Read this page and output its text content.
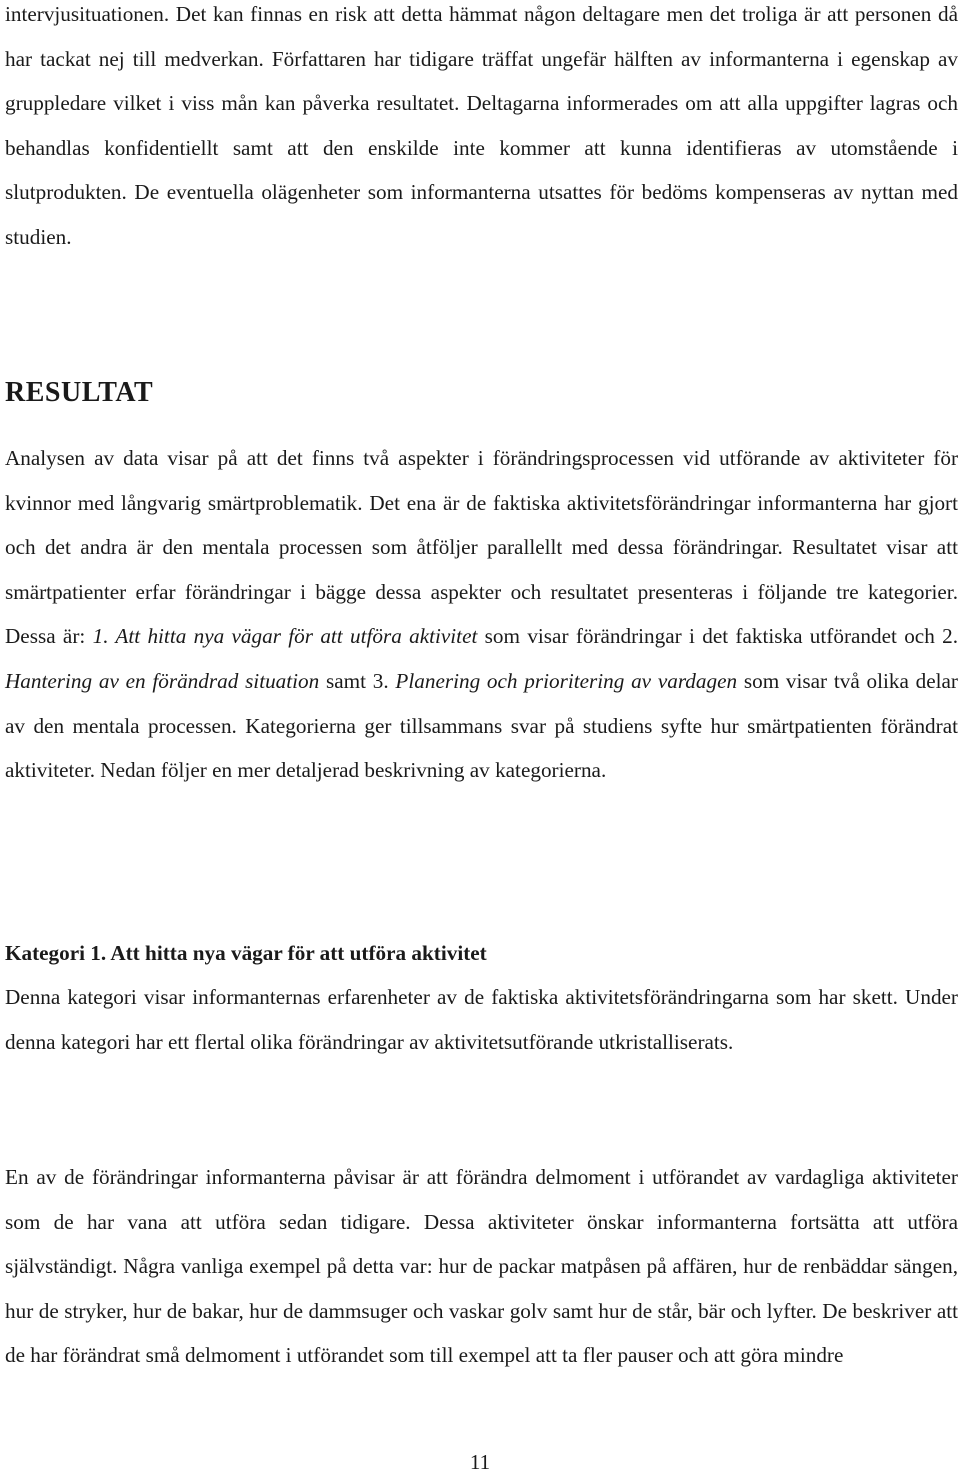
intervjusituationen. Det kan finnas en risk att detta hämmat någon deltagare men det troliga är att personen då har tackat nej till medverkan. Författaren har tidigare träffat ungefär hälften av informanterna i egenskap av gruppledare vilket i viss mån kan påverka resultatet. Deltagarna informerades om att alla uppgifter lagras och behandlas konfidentiellt samt att den enskilde inte kommer att kunna identifieras av utomstående i slutprodukten. De eventuella olägenheter som informanterna utsattes för bedöms kompenseras av nyttan med studien.

RESULTAT

Analysen av data visar på att det finns två aspekter i förändringsprocessen vid utförande av aktiviteter för kvinnor med långvarig smärtproblematik. Det ena är de faktiska aktivitetsförändringar informanterna har gjort och det andra är den mentala processen som åtföljer parallellt med dessa förändringar. Resultatet visar att smärtpatienter erfar förändringar i bägge dessa aspekter och resultatet presenteras i följande tre kategorier. Dessa är: 1. Att hitta nya vägar för att utföra aktivitet som visar förändringar i det faktiska utförandet och 2. Hantering av en förändrad situation samt 3. Planering och prioritering av vardagen som visar två olika delar av den mentala processen. Kategorierna ger tillsammans svar på studiens syfte hur smärtpatienten förändrat aktiviteter. Nedan följer en mer detaljerad beskrivning av kategorierna.

Kategori 1. Att hitta nya vägar för att utföra aktivitet

Denna kategori visar informanternas erfarenheter av de faktiska aktivitetsförändringarna som har skett. Under denna kategori har ett flertal olika förändringar av aktivitetsutförande utkristalliserats.

En av de förändringar informanterna påvisar är att förändra delmoment i utförandet av vardagliga aktiviteter som de har vana att utföra sedan tidigare. Dessa aktiviteter önskar informanterna fortsätta att utföra självständigt. Några vanliga exempel på detta var: hur de packar matpåsen på affären, hur de renbäddar sängen, hur de stryker, hur de bakar, hur de dammsuger och vaskar golv samt hur de står, bär och lyfter. De beskriver att de har förändrat små delmoment i utförandet som till exempel att ta fler pauser och att göra mindre

11
